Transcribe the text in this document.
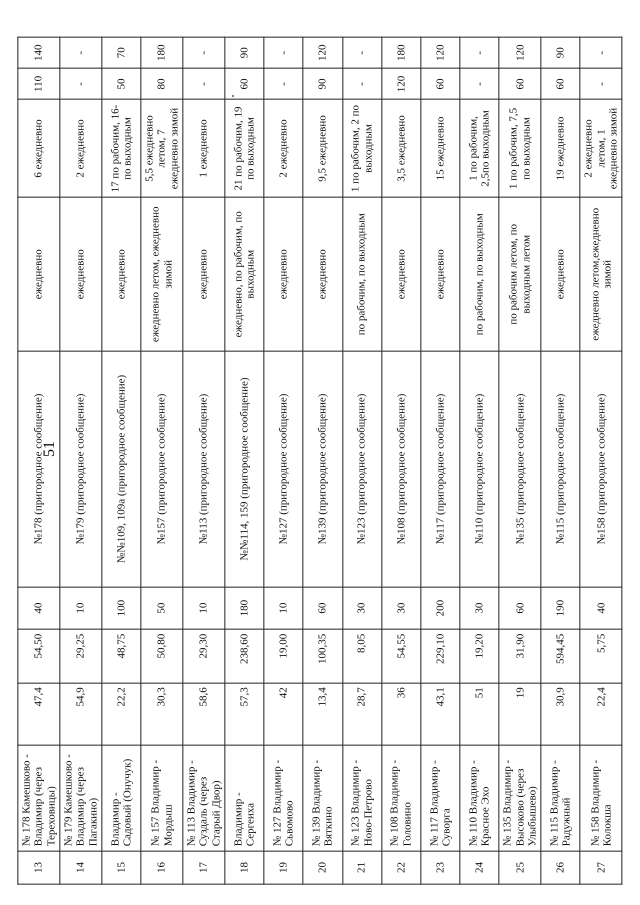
51
13	№ 178 Камешково - Владимир (через Тереховицы)	47,4	54,50	40	№178 (пригородное сообщение)	ежедневно	6 ежедневно	110	140
14	№ 179 Камешково - Владимир (через Пагакино)	54,9	29,25	10	№179 (пригородное сообщение)	ежедневно	2 ежедневно	-	-
15	Владимир - Садовый (Онучук)	22,2	48,75	100	№№109, 109а (пригородное сообщение)	ежедневно	17 по рабочим, 16-по выходным	50	70
16	№ 157 Владимир - Мордыш	30,3	50,80	50	№157 (пригородное сообщение)	ежедневно летом, ежедневно зимой	5,5 ежедневно летом, 7 ежедневно зимой	80	180
17	№ 113 Владимир - Суздаль (через Старый Двор)	58,6	29,30	10	№113 (пригородное сообщение)	ежедневно	1 ежедневно	-	-
18	Владимир - Сергеиха	57,3	238,60	180	№№114, 159 (пригородное сообщение)	ежедневно, по рабочим, по выходным	21 по рабочим, 19 по выходным	60	90
19	№ 127 Владимир - Сьвомово	42	19,00	10	№127 (пригородное сообщение)	ежедневно	2 ежедневно	-	-
20	№ 139 Владимир - Вяткино	13,4	100,35	60	№139 (пригородное сообщение)	ежедневно	9,5 ежедневно	90	120
21	№ 123 Владимир - Ново-Петрово	28,7	8,05	30	№123 (пригородное сообщение)	по рабочим, по выходным	1 по рабочим, 2 по выходным	-	-
22	№ 108 Владимир - Головино	36	54,55	30	№108 (пригородное сообщение)	ежедневно	3,5 ежедневно	120	180
23	№ 117 Владимир - Суворга	43,1	229,10	200	№117 (пригородное сообщение)	ежедневно	15 ежедневно	60	120
24	№ 110 Владимир - Красное Эхо	51	19,20	30	№110 (пригородное сообщение)	по рабочим, по выходным	1 по рабочим, 2,5по выходным	-	-
25	№ 135 Владимир - Высоково (через Улыбышево)	19	31,90	60	№135 (пригородное сообщение)	по рабочим летом, по выходным летом	1 по рабочим, 7,5 по выходным	60	120
26	№ 115 Владимир - Радужный	30,9	594,45	190	№115 (пригородное сообщение)	ежедневно	19 ежедневно	60	90
27	№ 158 Владимир - Колокша	22,4	5,75	40	№158 (пригородное сообщение)	ежедневно летом,ежедневно зимой	2 ежедневно летом, 1 ежедневно зимой	-	-
